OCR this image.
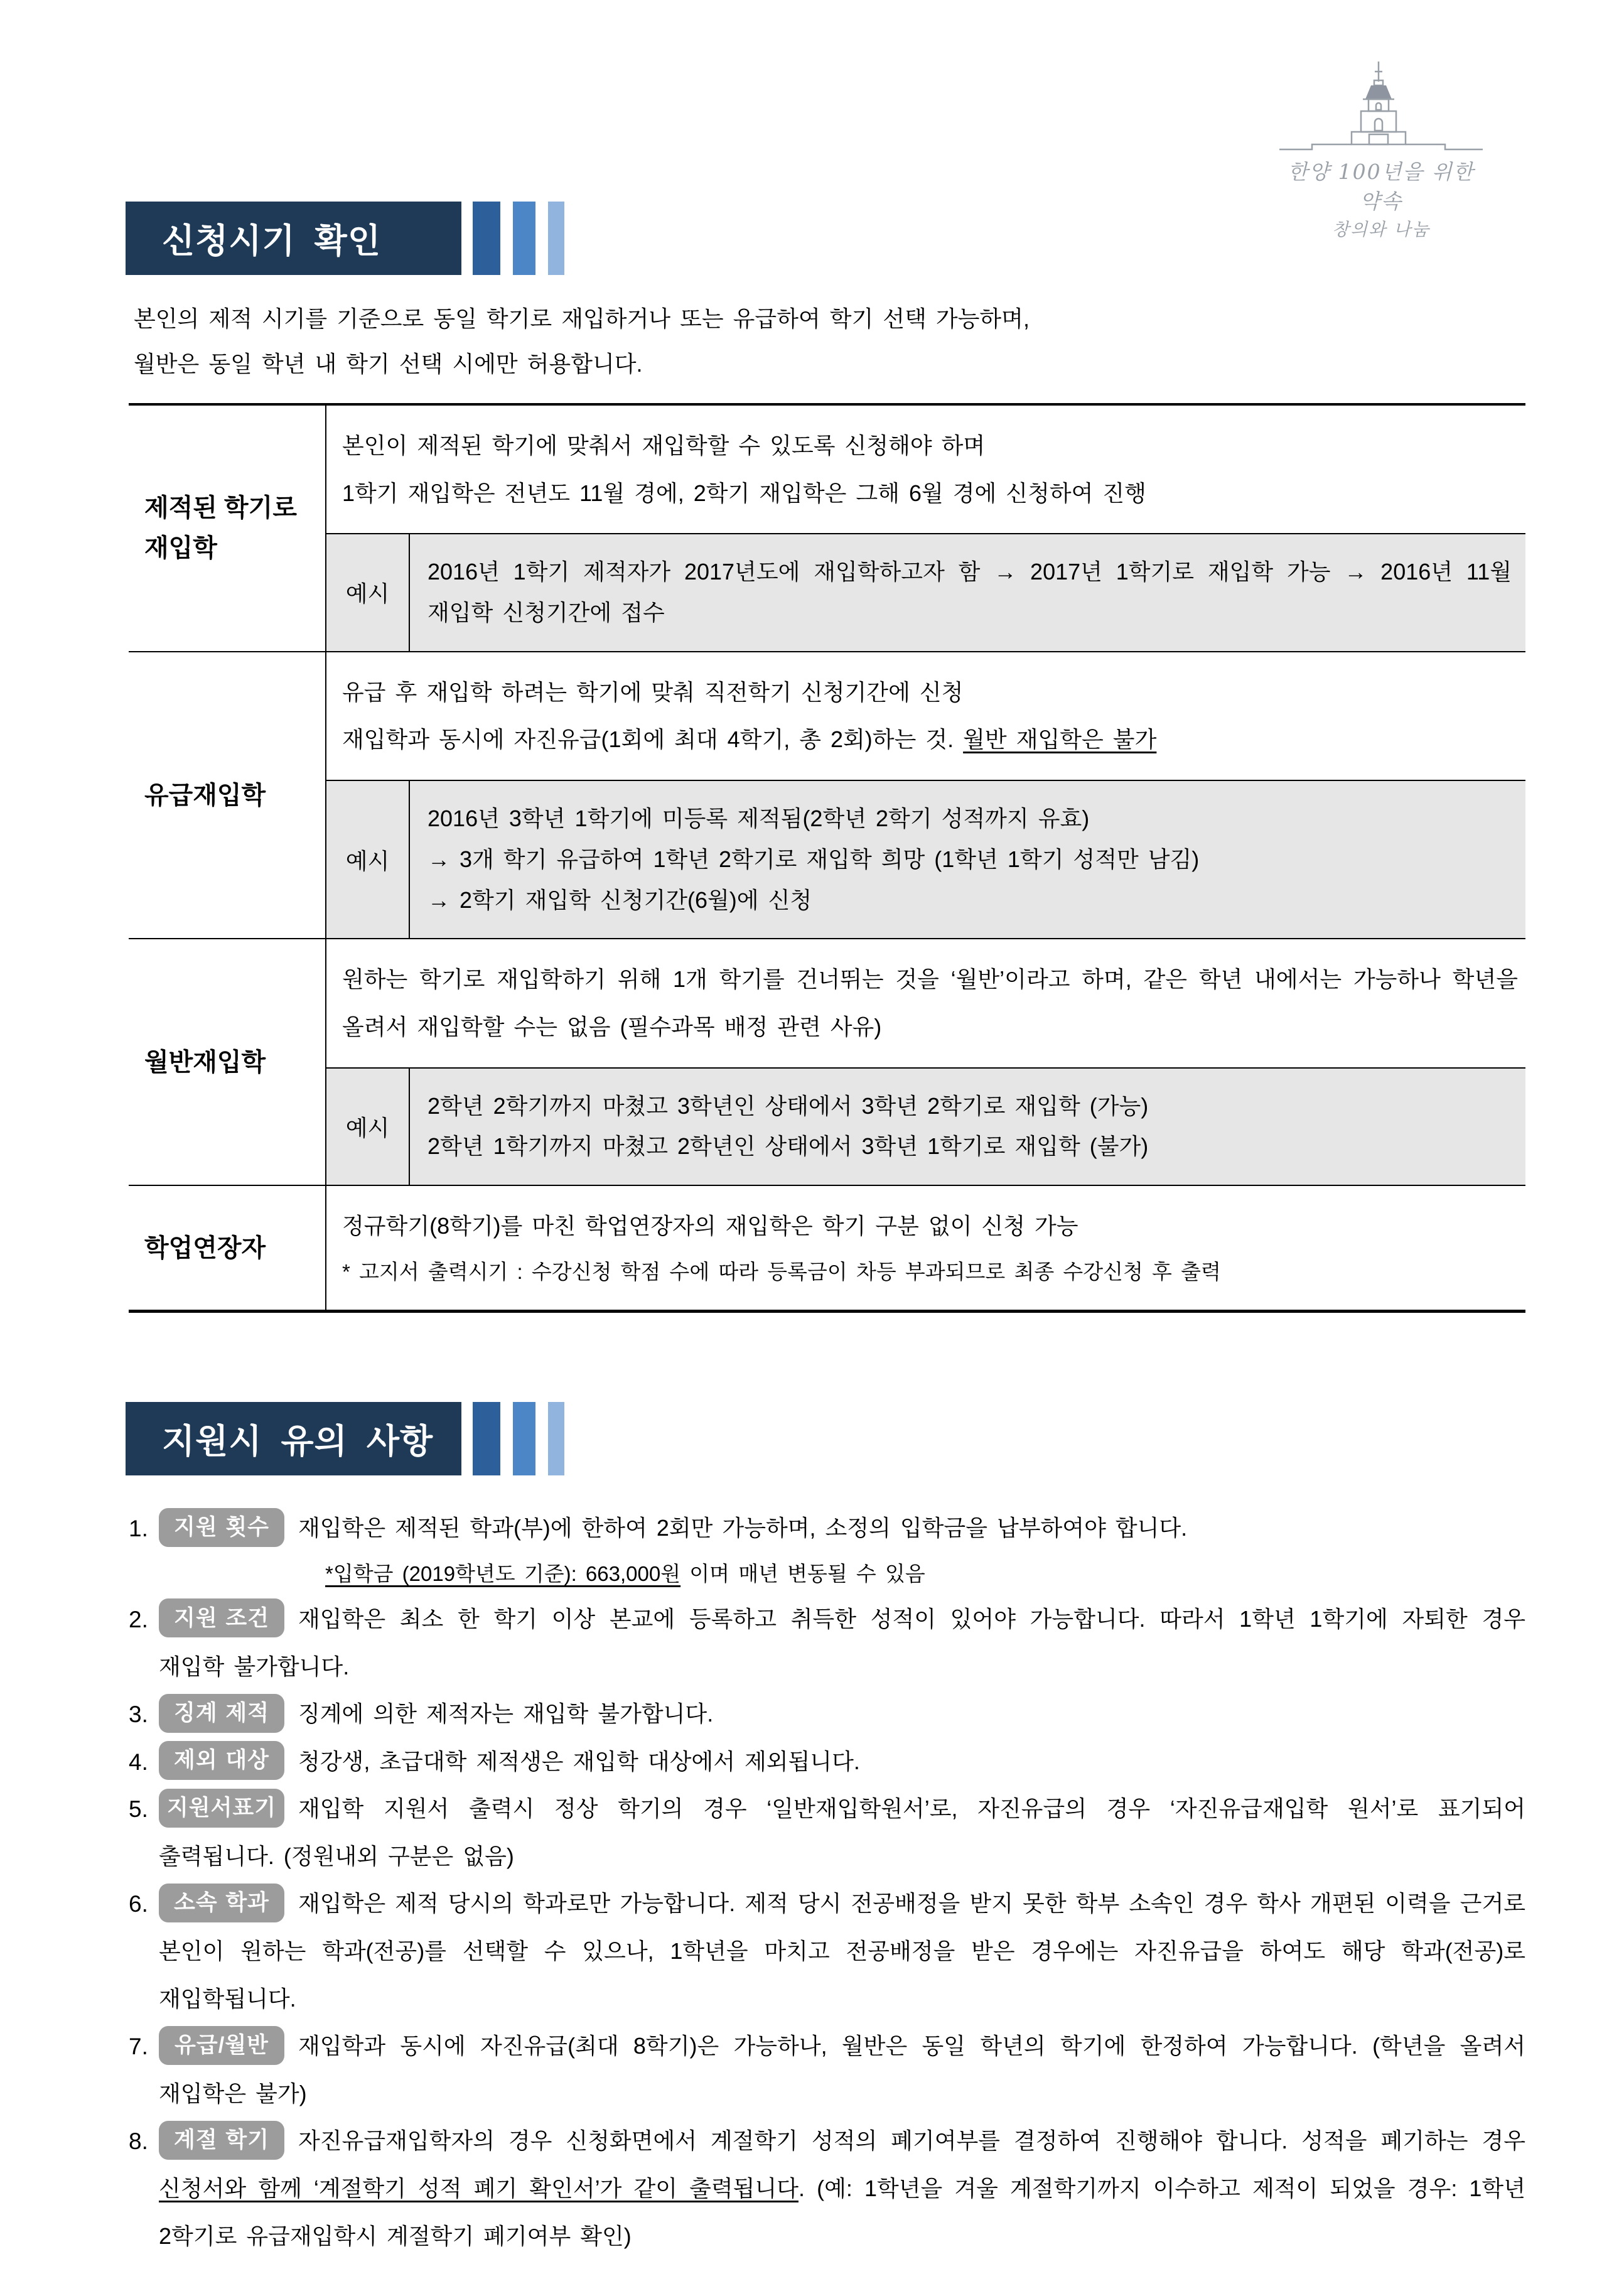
한양 100년을 위한 약속
창의와 나눔
신청시기 확인
본인의 제적 시기를 기준으로 동일 학기로 재입하거나 또는 유급하여 학기 선택 가능하며,
월반은 동일 학년 내 학기 선택 시에만 허용합니다.
제적된 학기로 재입학
본인이 제적된 학기에 맞춰서 재입학할 수 있도록 신청해야 하며
1학기 재입학은 전년도 11월 경에, 2학기 재입학은 그해 6월 경에 신청하여 진행
예시
2016년 1학기 제적자가 2017년도에 재입학하고자 함 → 2017년 1학기로 재입학 가능 → 2016년 11월 재입학 신청기간에 접수
유급재입학
유급 후 재입학 하려는 학기에 맞춰 직전학기 신청기간에 신청
재입학과 동시에 자진유급(1회에 최대 4학기, 총 2회)하는 것. 월반 재입학은 불가
예시
2016년 3학년 1학기에 미등록 제적됨(2학년 2학기 성적까지 유효)
→ 3개 학기 유급하여 1학년 2학기로 재입학 희망 (1학년 1학기 성적만 남김)
→ 2학기 재입학 신청기간(6월)에 신청
월반재입학
원하는 학기로 재입학하기 위해 1개 학기를 건너뛰는 것을 ‘월반’이라고 하며, 같은 학년 내에서는 가능하나 학년을 올려서 재입학할 수는 없음 (필수과목 배정 관련 사유)
예시
2학년 2학기까지 마쳤고 3학년인 상태에서 3학년 2학기로 재입학 (가능)
2학년 1학기까지 마쳤고 2학년인 상태에서 3학년 1학기로 재입학 (불가)
학업연장자
정규학기(8학기)를 마친 학업연장자의 재입학은 학기 구분 없이 신청 가능
* 고지서 출력시기 : 수강신청 학점 수에 따라 등록금이 차등 부과되므로 최종 수강신청 후 출력
지원시 유의 사항
1. 지원 횟수 재입학은 제적된 학과(부)에 한하여 2회만 가능하며, 소정의 입학금을 납부하여야 합니다.
*입학금 (2019학년도 기준): 663,000원 이며 매년 변동될 수 있음
2. 지원 조건 재입학은 최소 한 학기 이상 본교에 등록하고 취득한 성적이 있어야 가능합니다. 따라서 1학년 1학기에 자퇴한 경우 재입학 불가합니다.
3. 징계 제적 징계에 의한 제적자는 재입학 불가합니다.
4. 제외 대상 청강생, 초급대학 제적생은 재입학 대상에서 제외됩니다.
5. 지원서표기 재입학 지원서 출력시 정상 학기의 경우 ‘일반재입학원서’로, 자진유급의 경우 ‘자진유급재입학 원서’로 표기되어 출력됩니다. (정원내외 구분은 없음)
6. 소속 학과 재입학은 제적 당시의 학과로만 가능합니다. 제적 당시 전공배정을 받지 못한 학부 소속인 경우 학사 개편된 이력을 근거로 본인이 원하는 학과(전공)를 선택할 수 있으나, 1학년을 마치고 전공배정을 받은 경우에는 자진유급을 하여도 해당 학과(전공)로 재입학됩니다.
7. 유급/월반 재입학과 동시에 자진유급(최대 8학기)은 가능하나, 월반은 동일 학년의 학기에 한정하여 가능합니다. (학년을 올려서 재입학은 불가)
8. 계절 학기 자진유급재입학자의 경우 신청화면에서 계절학기 성적의 폐기여부를 결정하여 진행해야 합니다. 성적을 폐기하는 경우 신청서와 함께 ‘계절학기 성적 폐기 확인서’가 같이 출력됩니다. (예: 1학년을 겨울 계절학기까지 이수하고 제적이 되었을 경우: 1학년 2학기로 유급재입학시 계절학기 폐기여부 확인)
